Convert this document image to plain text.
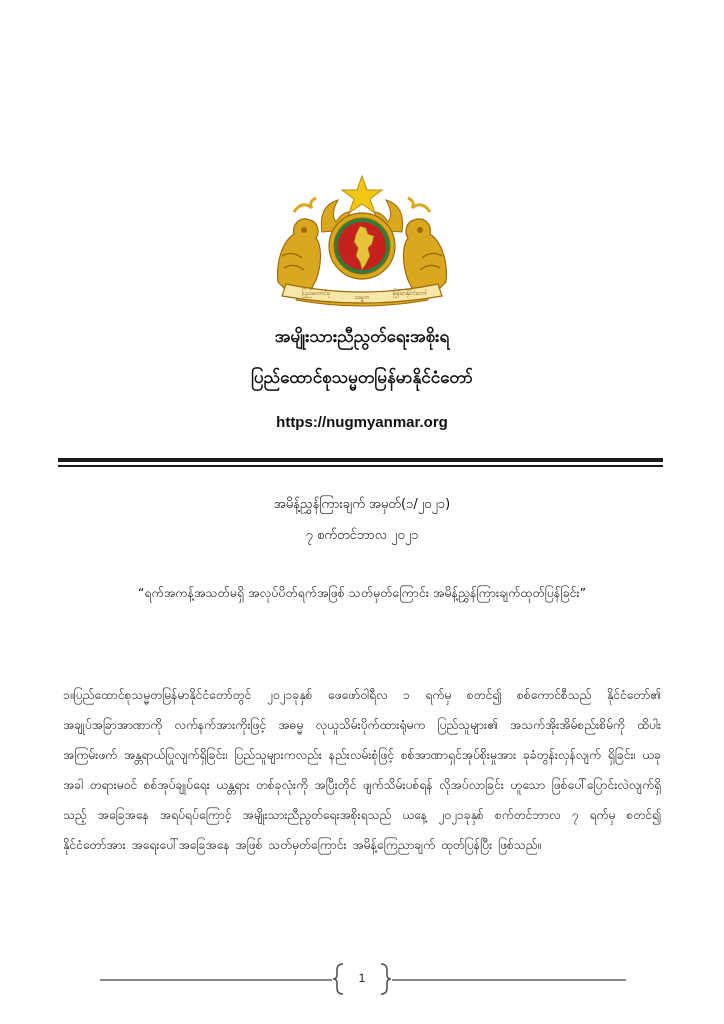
ပြည်ထောင်စု
သမ္မတ
မြန်မာနိုင်ငံတော်
အမျိုးသားညီညွတ်ရေးအစိုးရ
ပြည်ထောင်စုသမ္မတမြန်မာနိုင်ငံတော်
https://nugmyanmar.org
အမိန့်ညွှန်ကြားချက် အမှတ်(၁/၂၀၂၁)
၇ စက်တင်ဘာလ ၂၀၂၁
“ရက်အကန့်အသတ်မရှိ အလုပ်ပိတ်ရက်အဖြစ် သတ်မှတ်ကြောင်း အမိန့်ညွှန်ကြားချက်ထုတ်ပြန်ခြင်း”
၁။ပြည်ထောင်စုသမ္မတမြန်မာနိုင်ငံတော်တွင် ၂၀၂၁ခုနှစ် ဖေဖော်ဝါရီလ ၁ ရက်မှ စတင်၍ စစ်ကောင်စီသည် နိုင်ငံတော်၏ အချုပ်အခြာအာဏာကို လက်နက်အားကိုးဖြင့် အဓမ္မ လုယူသိမ်းပိုက်ထားရုံမက ပြည်သူများ၏ အသက်အိုးအိမ်စည်းစိမ်ကို ထိပါး အကြမ်းဖက် အန္တရာယ်ပြုလျက်ရှိခြင်း၊ ပြည်သူများကလည်း နည်းလမ်းစုံဖြင့် စစ်အာဏာရှင်အုပ်စိုးမှုအား ခုခံတွန်းလှန်လျက် ရှိခြင်း၊ ယခုအခါ တရားမဝင် စစ်အုပ်ချုပ်ရေး ယန္တရား တစ်ခုလုံးကို အပြီးတိုင် ဖျက်သိမ်းပစ်ရန် လိုအပ်လာခြင်း ဟူသော ဖြစ်ပေါ်ပြောင်းလဲလျက်ရှိသည့် အခြေအနေ အရပ်ရပ်ကြောင့် အမျိုးသားညီညွတ်ရေးအစိုးရသည် ယနေ့ ၂၀၂၁ခုနှစ် စက်တင်ဘာလ ၇ ရက်မှ စတင်၍ နိုင်ငံတော်အား အရေးပေါ်အခြေအနေ အဖြစ် သတ်မှတ်ကြောင်း အမိန့်ကြေညာချက် ထုတ်ပြန်ပြီး ဖြစ်သည်။
1
